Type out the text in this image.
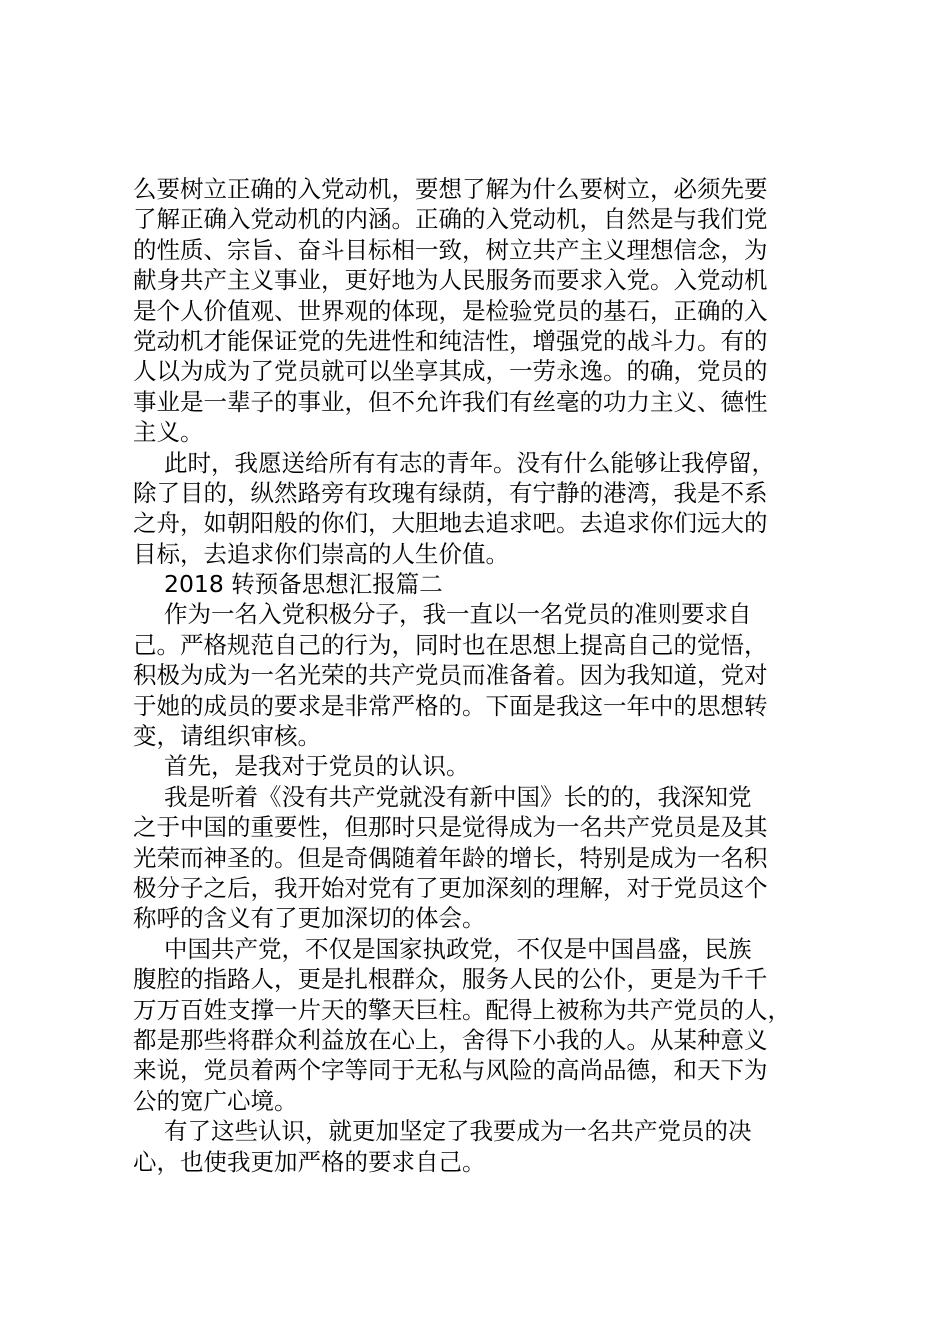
么要树立正确的入党动机，要想了解为什么要树立，必须先要
了解正确入党动机的内涵。正确的入党动机，自然是与我们党
的性质、宗旨、奋斗目标相一致，树立共产主义理想信念，为
献身共产主义事业，更好地为人民服务而要求入党。入党动机
是个人价值观、世界观的体现，是检验党员的基石，正确的入
党动机才能保证党的先进性和纯洁性，增强党的战斗力。有的
人以为成为了党员就可以坐享其成，一劳永逸。的确，党员的
事业是一辈子的事业，但不允许我们有丝毫的功力主义、德性
主义。
此时，我愿送给所有有志的青年。没有什么能够让我停留，
除了目的，纵然路旁有玫瑰有绿荫，有宁静的港湾，我是不系
之舟，如朝阳般的你们，大胆地去追求吧。去追求你们远大的
目标，去追求你们崇高的人生价值。
2018 转预备思想汇报篇二
作为一名入党积极分子，我一直以一名党员的准则要求自
己。严格规范自己的行为，同时也在思想上提高自己的觉悟，
积极为成为一名光荣的共产党员而准备着。因为我知道，党对
于她的成员的要求是非常严格的。下面是我这一年中的思想转
变，请组织审核。
首先，是我对于党员的认识。
我是听着《没有共产党就没有新中国》长的的，我深知党
之于中国的重要性，但那时只是觉得成为一名共产党员是及其
光荣而神圣的。但是奇偶随着年龄的增长，特别是成为一名积
极分子之后，我开始对党有了更加深刻的理解，对于党员这个
称呼的含义有了更加深切的体会。
中国共产党，不仅是国家执政党，不仅是中国昌盛，民族
腹腔的指路人，更是扎根群众，服务人民的公仆，更是为千千
万万百姓支撑一片天的擎天巨柱。配得上被称为共产党员的人，
都是那些将群众利益放在心上，舍得下小我的人。从某种意义
来说，党员着两个字等同于无私与风险的高尚品德，和天下为
公的宽广心境。
有了这些认识，就更加坚定了我要成为一名共产党员的决
心，也使我更加严格的要求自己。
